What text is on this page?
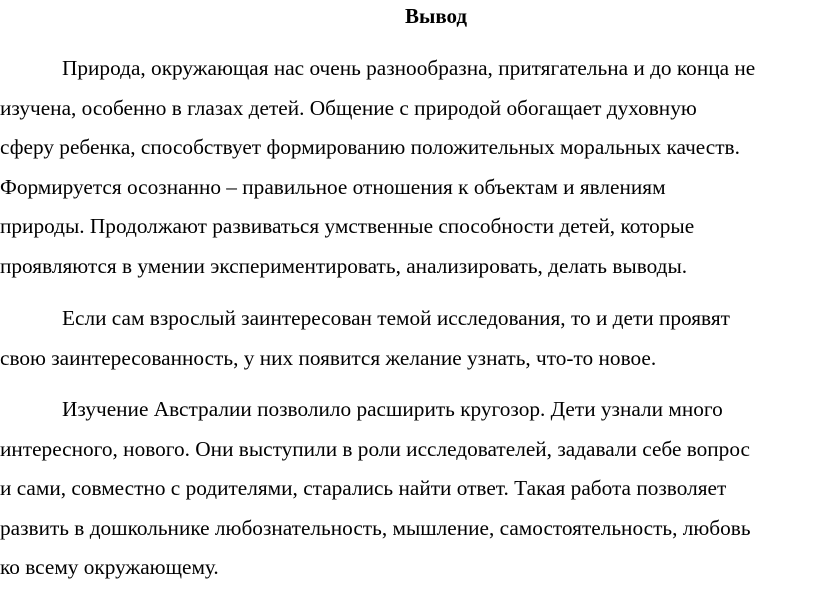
Вывод
Природа, окружающая нас очень разнообразна, притягательна и до конца не
изучена, особенно в глазах детей. Общение с природой обогащает духовную
сферу ребенка, способствует формированию положительных моральных качеств.
Формируется осознанно – правильное отношения к объектам и явлениям
природы. Продолжают развиваться умственные способности детей, которые
проявляются в умении экспериментировать, анализировать, делать выводы.
Если сам взрослый заинтересован темой исследования, то и дети проявят
свою заинтересованность, у них появится желание узнать, что-то новое.
Изучение Австралии позволило расширить кругозор. Дети узнали много
интересного, нового. Они выступили в роли исследователей, задавали себе вопрос
и сами, совместно с родителями, старались найти ответ. Такая работа позволяет
развить в дошкольнике любознательность, мышление, самостоятельность, любовь
ко всему окружающему.
